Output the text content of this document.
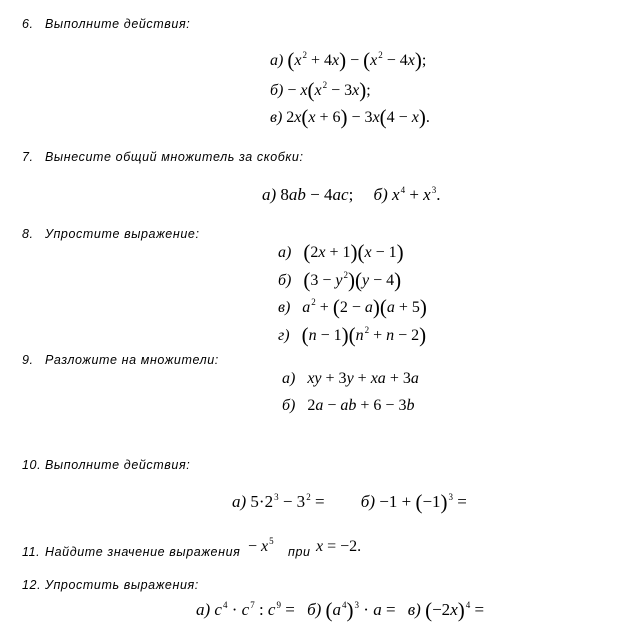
6. Выполните действия:
а) $(x^2 + 4x) - (x^2 - 4x)$;
$б) - x(x^2 - 3x)$;
в) 2x(x + 6) − 3x(4 − x).
7. Вынесите общий множитель за скобки:
а) 8ab − 4ac; б) $x^4 + x^3$.
8. Упростите выражение:
а) (2x + 1)(x − 1)
б) $(3 - y^2)(y - 4)$
в) $a^2 + (2 - a)(a + 5)$
г) $(n - 1)(n^2 + n - 2)$
9. Разложите на множители:
а) xy + 3y + xa + 3a
б) 2a − ab + 6 − 3b
10. Выполните действия:
а) $5\cdot 2^3 - 3^2 = б) -1 + (-1)^3$ =
11. Найдите значение выражения − $x^5$
при x = −2.
12. Упростить выражения:
а) $c^4 \cdot c^7$ : $c^9 = б$) $(a^4)^3 \cdot a = в$) $(-2x)^4$ =
